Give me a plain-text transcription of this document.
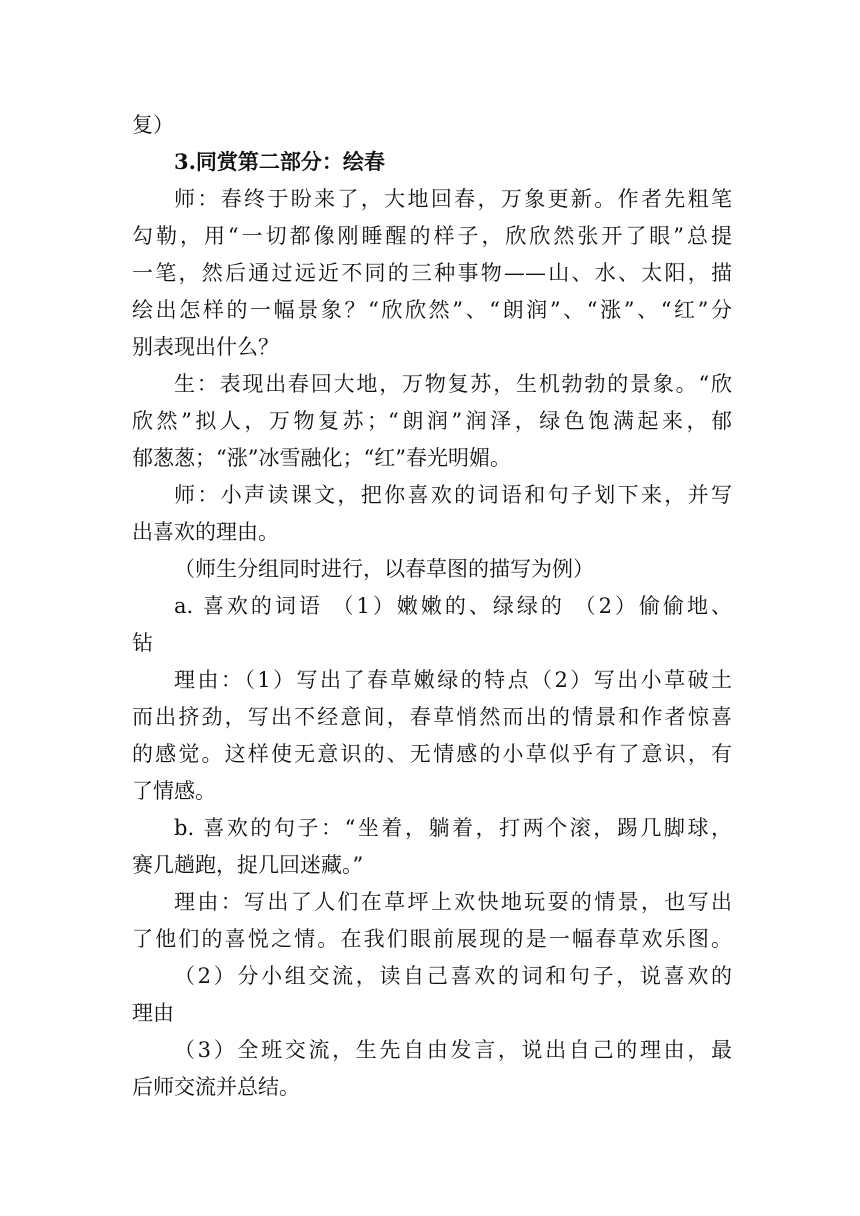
复）
3.同赏第二部分：绘春
师：春终于盼来了，大地回春，万象更新。作者先粗笔
勾勒，用“一切都像刚睡醒的样子，欣欣然张开了眼”总提
一笔，然后通过远近不同的三种事物——山、水、太阳，描
绘出怎样的一幅景象？“欣欣然”、“朗润”、“涨”、“红”分
别表现出什么？
生：表现出春回大地，万物复苏，生机勃勃的景象。“欣
欣然”拟人，万物复苏；“朗润”润泽，绿色饱满起来，郁
郁葱葱；“涨”冰雪融化；“红”春光明媚。
师：小声读课文，把你喜欢的词语和句子划下来，并写
出喜欢的理由。
（师生分组同时进行，以春草图的描写为例）
a. 喜欢的词语 （1）嫩嫩的、绿绿的 （2）偷偷地、
钻
理由：（1）写出了春草嫩绿的特点（2）写出小草破土
而出挤劲，写出不经意间，春草悄然而出的情景和作者惊喜
的感觉。这样使无意识的、无情感的小草似乎有了意识，有
了情感。
b. 喜欢的句子：“坐着，躺着，打两个滚，踢几脚球，
赛几趟跑，捉几回迷藏。”
理由：写出了人们在草坪上欢快地玩耍的情景，也写出
了他们的喜悦之情。在我们眼前展现的是一幅春草欢乐图。
（2）分小组交流，读自己喜欢的词和句子，说喜欢的
理由
（3）全班交流，生先自由发言，说出自己的理由，最
后师交流并总结。
